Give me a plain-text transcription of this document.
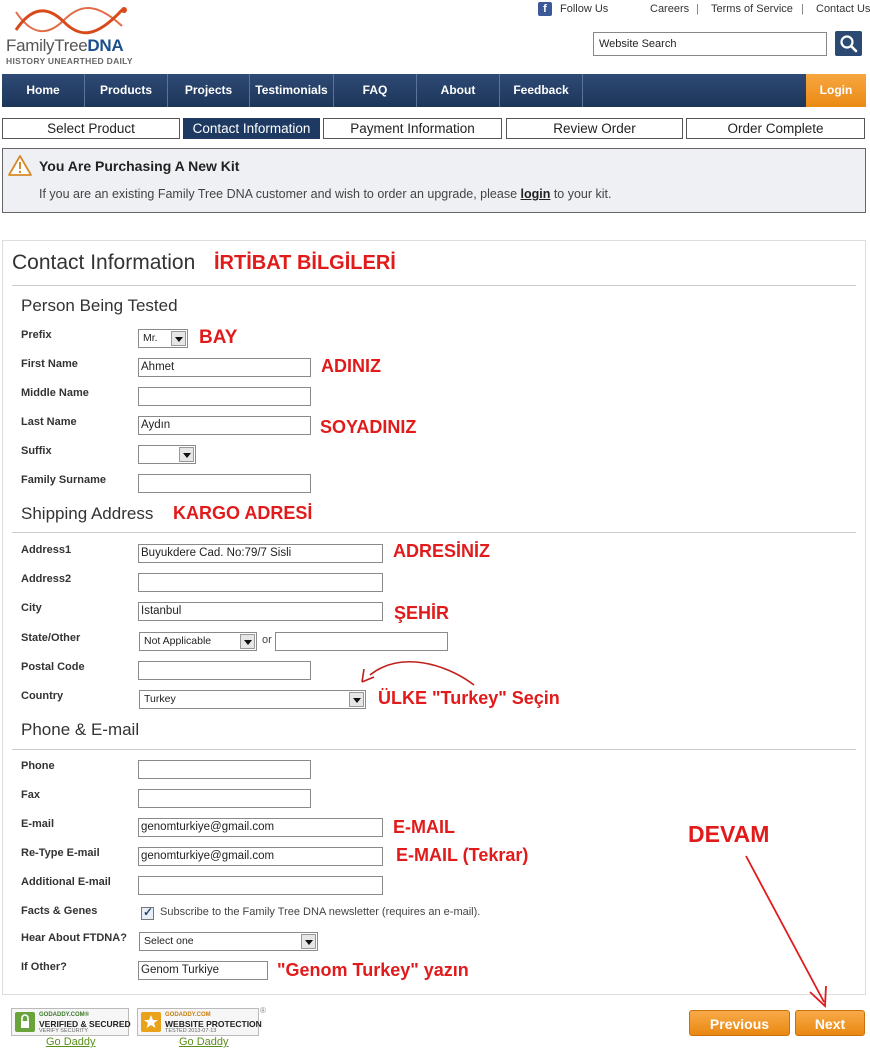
FamilyTreeDNA
HISTORY UNEARTHED DAILY
f	Follow Us	Careers | Terms of Service | Contact Us
Website Search
Home	Products	Projects	Testimonials	FAQ	About	Feedback	Login
Select Product	Contact Information	Payment Information	Review Order	Order Complete
You Are Purchasing A New Kit
If you are an existing Family Tree DNA customer and wish to order an upgrade, please login to your kit.
Contact Information İRTİBAT BİLGİLERİ
Person Being Tested
Prefix	Mr.	BAY
First Name	Ahmet	ADINIZ
Middle Name
Last Name	Aydın	SOYADINIZ
Suffix
Family Surname
Shipping Address KARGO ADRESİ
Address1	Buyukdere Cad. No:79/7 Sisli	ADRESİNİZ
Address2
City	Istanbul	ŞEHİR
State/Other	Not Applicable	or
Postal Code
Country	Turkey	ÜLKE "Turkey" Seçin
Phone & E-mail
Phone
Fax
E-mail	genomturkiye@gmail.com	E-MAIL
Re-Type E-mail	genomturkiye@gmail.com	E-MAIL (Tekrar)
Additional E-mail
Facts & Genes
✓	Subscribe to the Family Tree DNA newsletter (requires an e-mail).
Hear About FTDNA?	Select one
If Other?	Genom Turkiye	"Genom Turkey" yazın
DEVAM
GODADDY.COM®
VERIFIED & SECURED
VERIFY SECURITY
Go Daddy
GODADDY.COM
WEBSITE PROTECTION
TESTED 2013-07-13
®
Go Daddy
Previous	Next
